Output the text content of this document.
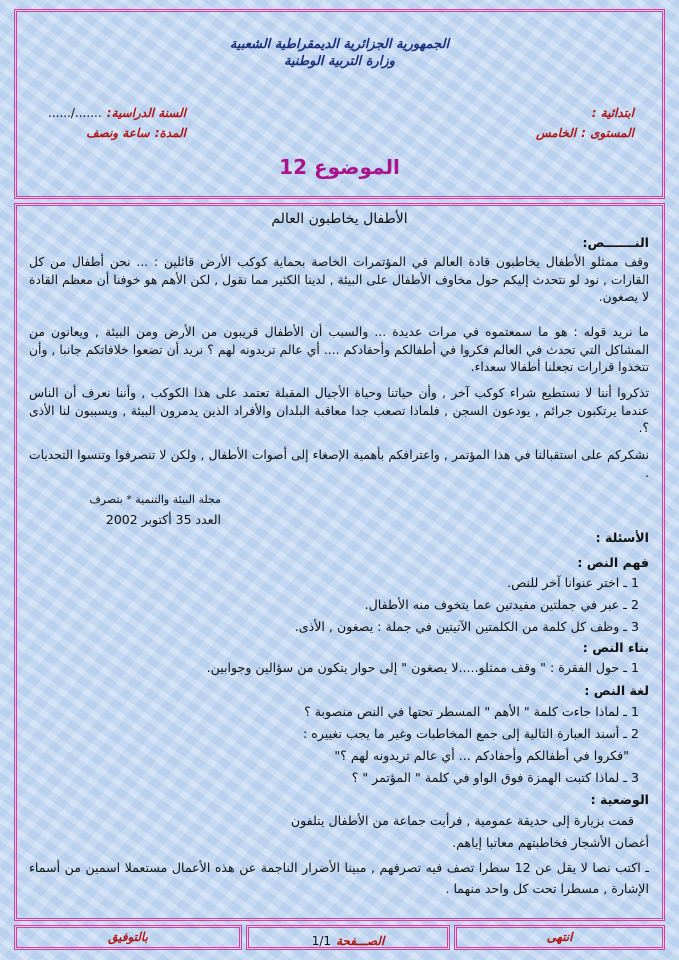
الجمهورية الجزائرية الديمقراطية الشعبية
وزارة التربية الوطنية
ابتدائية :
المستوى : الخامس
السنة الدراسية: ......./......
المدة: ساعة ونصف
الموضوع 12
الأطفال يخاطبون العالم
النـــــــص:
وقف ممثلو الأطفال يخاطبون قادة العالم في المؤتمرات الخاصة بحماية كوكب الأرض قائلين : ... نحن أطفال من كل القارات , نود لو نتحدث إليكم حول مخاوف الأطفال على البيئة , لدينا الكثير مما نقول , لكن الأهم هو خوفنا أن معظم القادة لا يصغون.
ما نريد قوله : هو ما سمعتموه في مرات عديدة ... والسبب أن الأطفال قريبون من الأرض ومن البيئة , ويعانون من المشاكل التي تحدث في العالم فكروا في أطفالكم وأحفادكم .... أي عالم تريدونه لهم ؟ نريد أن تضعوا خلافاتكم جانبا , وأن تتخذوا قرارات تجعلنا أطفالا سعداء.
تذكروا أننا لا نستطيع شراء كوكب آخر , وأن حياتنا وحياة الأجيال المقبلة تعتمد على هذا الكوكب , وأننا نعرف أن الناس عندما يرتكبون جرائم , يودعون السجن , فلماذا تصعب جدا معاقبة البلدان والأفراد الذين يدمرون البيئة , ويسببون لنا الأذى ؟.
نشكركم على استقبالنا في هذا المؤتمر , واعترافكم بأهمية الإصغاء إلى أصوات الأطفال , ولكن لا تنصرفوا وتنسوا التحديات .
مجلة البيئة والتنمية * بتصرف
العدد 35 أكتوبر 2002
الأسئلة :
فهم النص :
1 ـ اختر عنوانا آخر للنص.
2 ـ عبر في جملتين مفيدتين عما يتخوف منه الأطفال.
3 ـ وظف كل كلمة من الكلمتين الآتيتين في جملة : يصغون , الأذى.
بناء النص :
1 ـ حول الفقرة : " وقف ممثلو.....لا يصغون " إلى حوار يتكون من سؤالين وجوابين.
لغة النص :
1 ـ لماذا جاءت كلمة " الأهم " المسطر تحتها في النص منصوبة ؟
2 ـ أسند العبارة التالية إلى جمع المخاطبات وغير ما يجب تغييره :
"فكروا في أطفالكم وأحفادكم ... أي عالم تريدونه لهم ؟"
3 ـ لماذا كتبت الهمزة فوق الواو في كلمة " المؤتمر " ؟
الوضعية :
قمت بزيارة إلى حديقة عمومية , فرأيت جماعة من الأطفال يتلفون
أغصان الأشجار فخاطبتهم معاتبا إياهم.
ـ اكتب نصا لا يقل عن 12 سطرا تصف فيه تصرفهم , مبينا الأضرار الناجمة عن هذه الأعمال مستعملا اسمين من أسماء الإشارة , مسطرا تحت كل واحد منهما .
بالتوفيق	الصـــفحة 1/1	انتهى
